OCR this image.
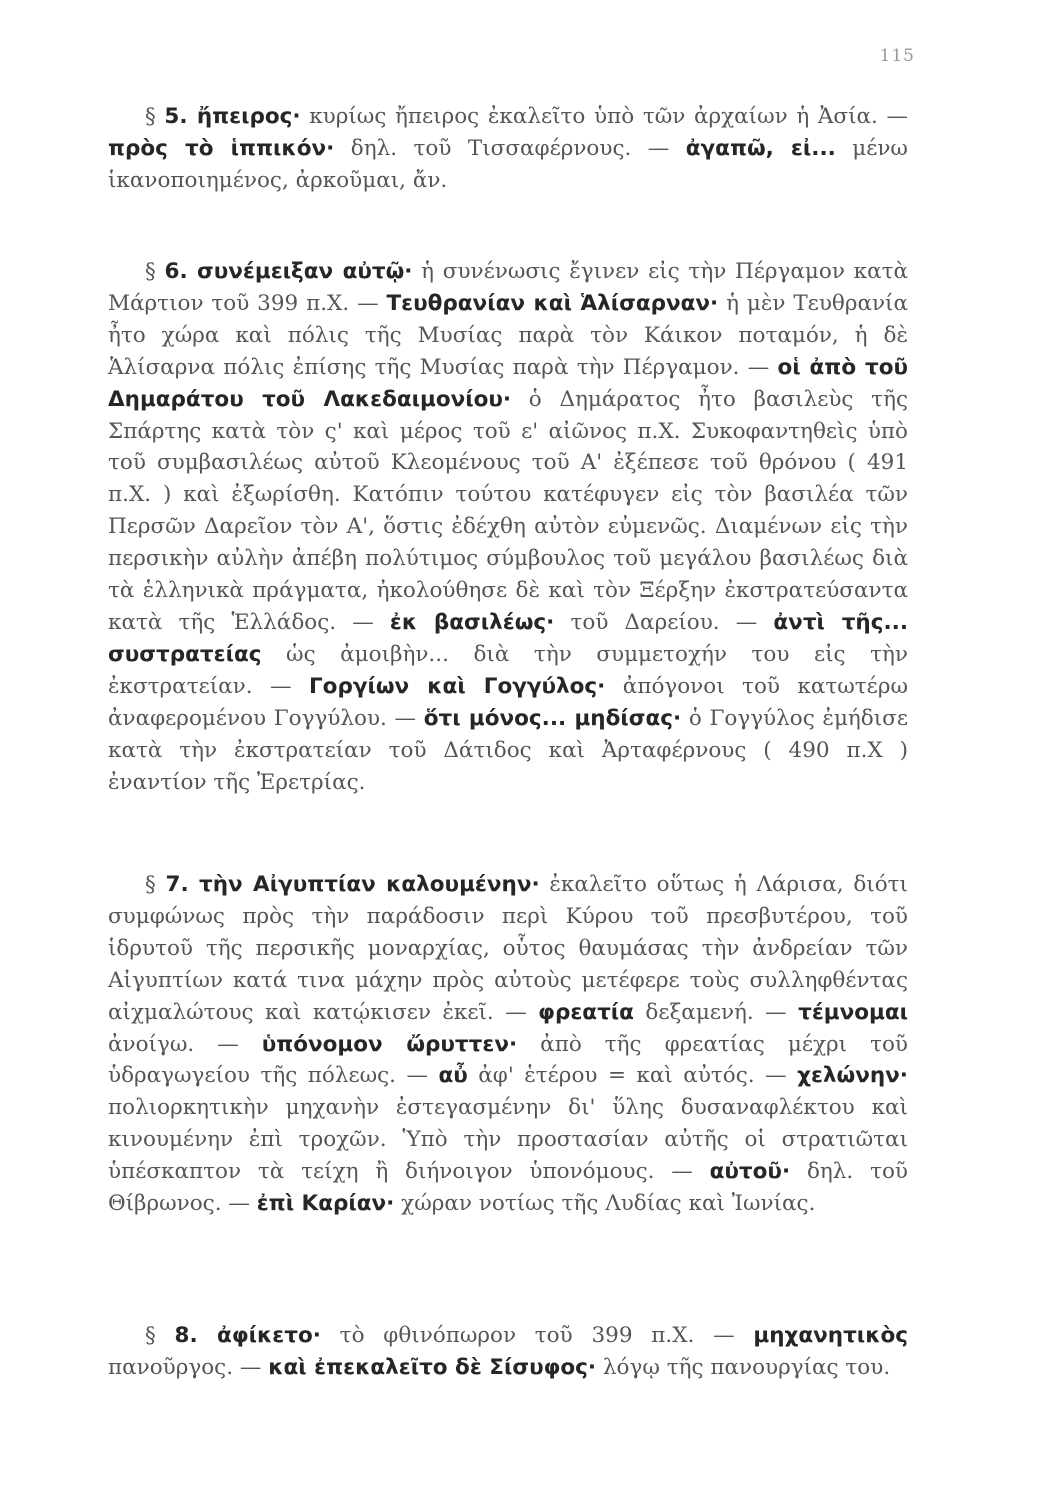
115

§ 5. ἤπειρος· κυρίως ἤπειρος ἐκαλεῖτο ὑπὸ τῶν ἀρχαίων ἡ Ἀσία. — πρὸς τὸ ἱππικόν· δηλ. τοῦ Τισσαφέρνους. — ἀγαπῶ, εἰ... μένω ἱκανοποιημένος, ἀρκοῦμαι, ἄν.

§ 6. συνέμειξαν αὐτῷ· ἡ συνένωσις ἔγινεν εἰς τὴν Πέργαμον κατὰ Μάρτιον τοῦ 399 π.Χ. — Τευθρανίαν καὶ Ἁλίσαρναν· ἡ μὲν Τευθρανία ἦτο χώρα καὶ πόλις τῆς Μυσίας παρὰ τὸν Κάικον ποταμόν, ἡ δὲ Ἁλίσαρνα πόλις ἐπίσης τῆς Μυσίας παρὰ τὴν Πέργαμον. — οἱ ἀπὸ τοῦ Δημαράτου τοῦ Λακεδαιμονίου· ὁ Δημάρατος ἦτο βασιλεὺς τῆς Σπάρτης κατὰ τὸν ς' καὶ μέρος τοῦ ε' αἰῶνος π.Χ. Συκοφαντηθεὶς ὑπὸ τοῦ συμβασιλέως αὐτοῦ Κλεομένους τοῦ Α' ἐξέπεσε τοῦ θρόνου ( 491 π.Χ. ) καὶ ἐξωρίσθη. Κατόπιν τούτου κατέφυγεν εἰς τὸν βασιλέα τῶν Περσῶν Δαρεῖον τὸν Α', ὅστις ἐδέχθη αὐτὸν εὐμενῶς. Διαμένων εἰς τὴν περσικὴν αὐλὴν ἀπέβη πολύτιμος σύμβουλος τοῦ μεγάλου βασιλέως διὰ τὰ ἑλληνικὰ πράγματα, ἠκολούθησε δὲ καὶ τὸν Ξέρξην ἐκστρατεύσαντα κατὰ τῆς Ἑλλάδος. — ἐκ βασιλέως· τοῦ Δαρείου. — ἀντὶ τῆς... συστρατείας ὡς ἀμοιβὴν... διὰ τὴν συμμετοχήν του εἰς τὴν ἐκστρατείαν. — Γοργίων καὶ Γογγύλος· ἀπόγονοι τοῦ κατωτέρω ἀναφερομένου Γογγύλου. — ὅτι μόνος... μηδίσας· ὁ Γογγύλος ἐμήδισε κατὰ τὴν ἐκστρατείαν τοῦ Δάτιδος καὶ Ἀρταφέρνους ( 490 π.Χ ) ἐναντίον τῆς Ἐρετρίας.

§ 7. τὴν Αἰγυπτίαν καλουμένην· ἐκαλεῖτο οὕτως ἡ Λάρισα, διότι συμφώνως πρὸς τὴν παράδοσιν περὶ Κύρου τοῦ πρεσβυτέρου, τοῦ ἱδρυτοῦ τῆς περσικῆς μοναρχίας, οὗτος θαυμάσας τὴν ἀνδρείαν τῶν Αἰγυπτίων κατά τινα μάχην πρὸς αὐτοὺς μετέφερε τοὺς συλληφθέντας αἰχμαλώτους καὶ κατῴκισεν ἐκεῖ. — φρεατία δεξαμενή. — τέμνομαι ἀνοίγω. — ὑπόνομον ὤρυττεν· ἀπὸ τῆς φρεατίας μέχρι τοῦ ὑδραγωγείου τῆς πόλεως. — αὖ ἀφ' ἑτέρου = καὶ αὐτός. — χελώνην· πολιορκητικὴν μηχανὴν ἐστεγασμένην δι' ὕλης δυσαναφλέκτου καὶ κινουμένην ἐπὶ τροχῶν. Ὑπὸ τὴν προστασίαν αὐτῆς οἱ στρατιῶται ὑπέσκαπτον τὰ τείχη ἢ διήνοιγον ὑπονόμους. — αὐτοῦ· δηλ. τοῦ Θίβρωνος. — ἐπὶ Καρίαν· χώραν νοτίως τῆς Λυδίας καὶ Ἰωνίας.

§ 8. ἀφίκετο· τὸ φθινόπωρον τοῦ 399 π.Χ. — μηχανητικὸς πανοῦργος. — καὶ ἐπεκαλεῖτο δὲ Σίσυφος· λόγῳ τῆς πανουργίας του.
